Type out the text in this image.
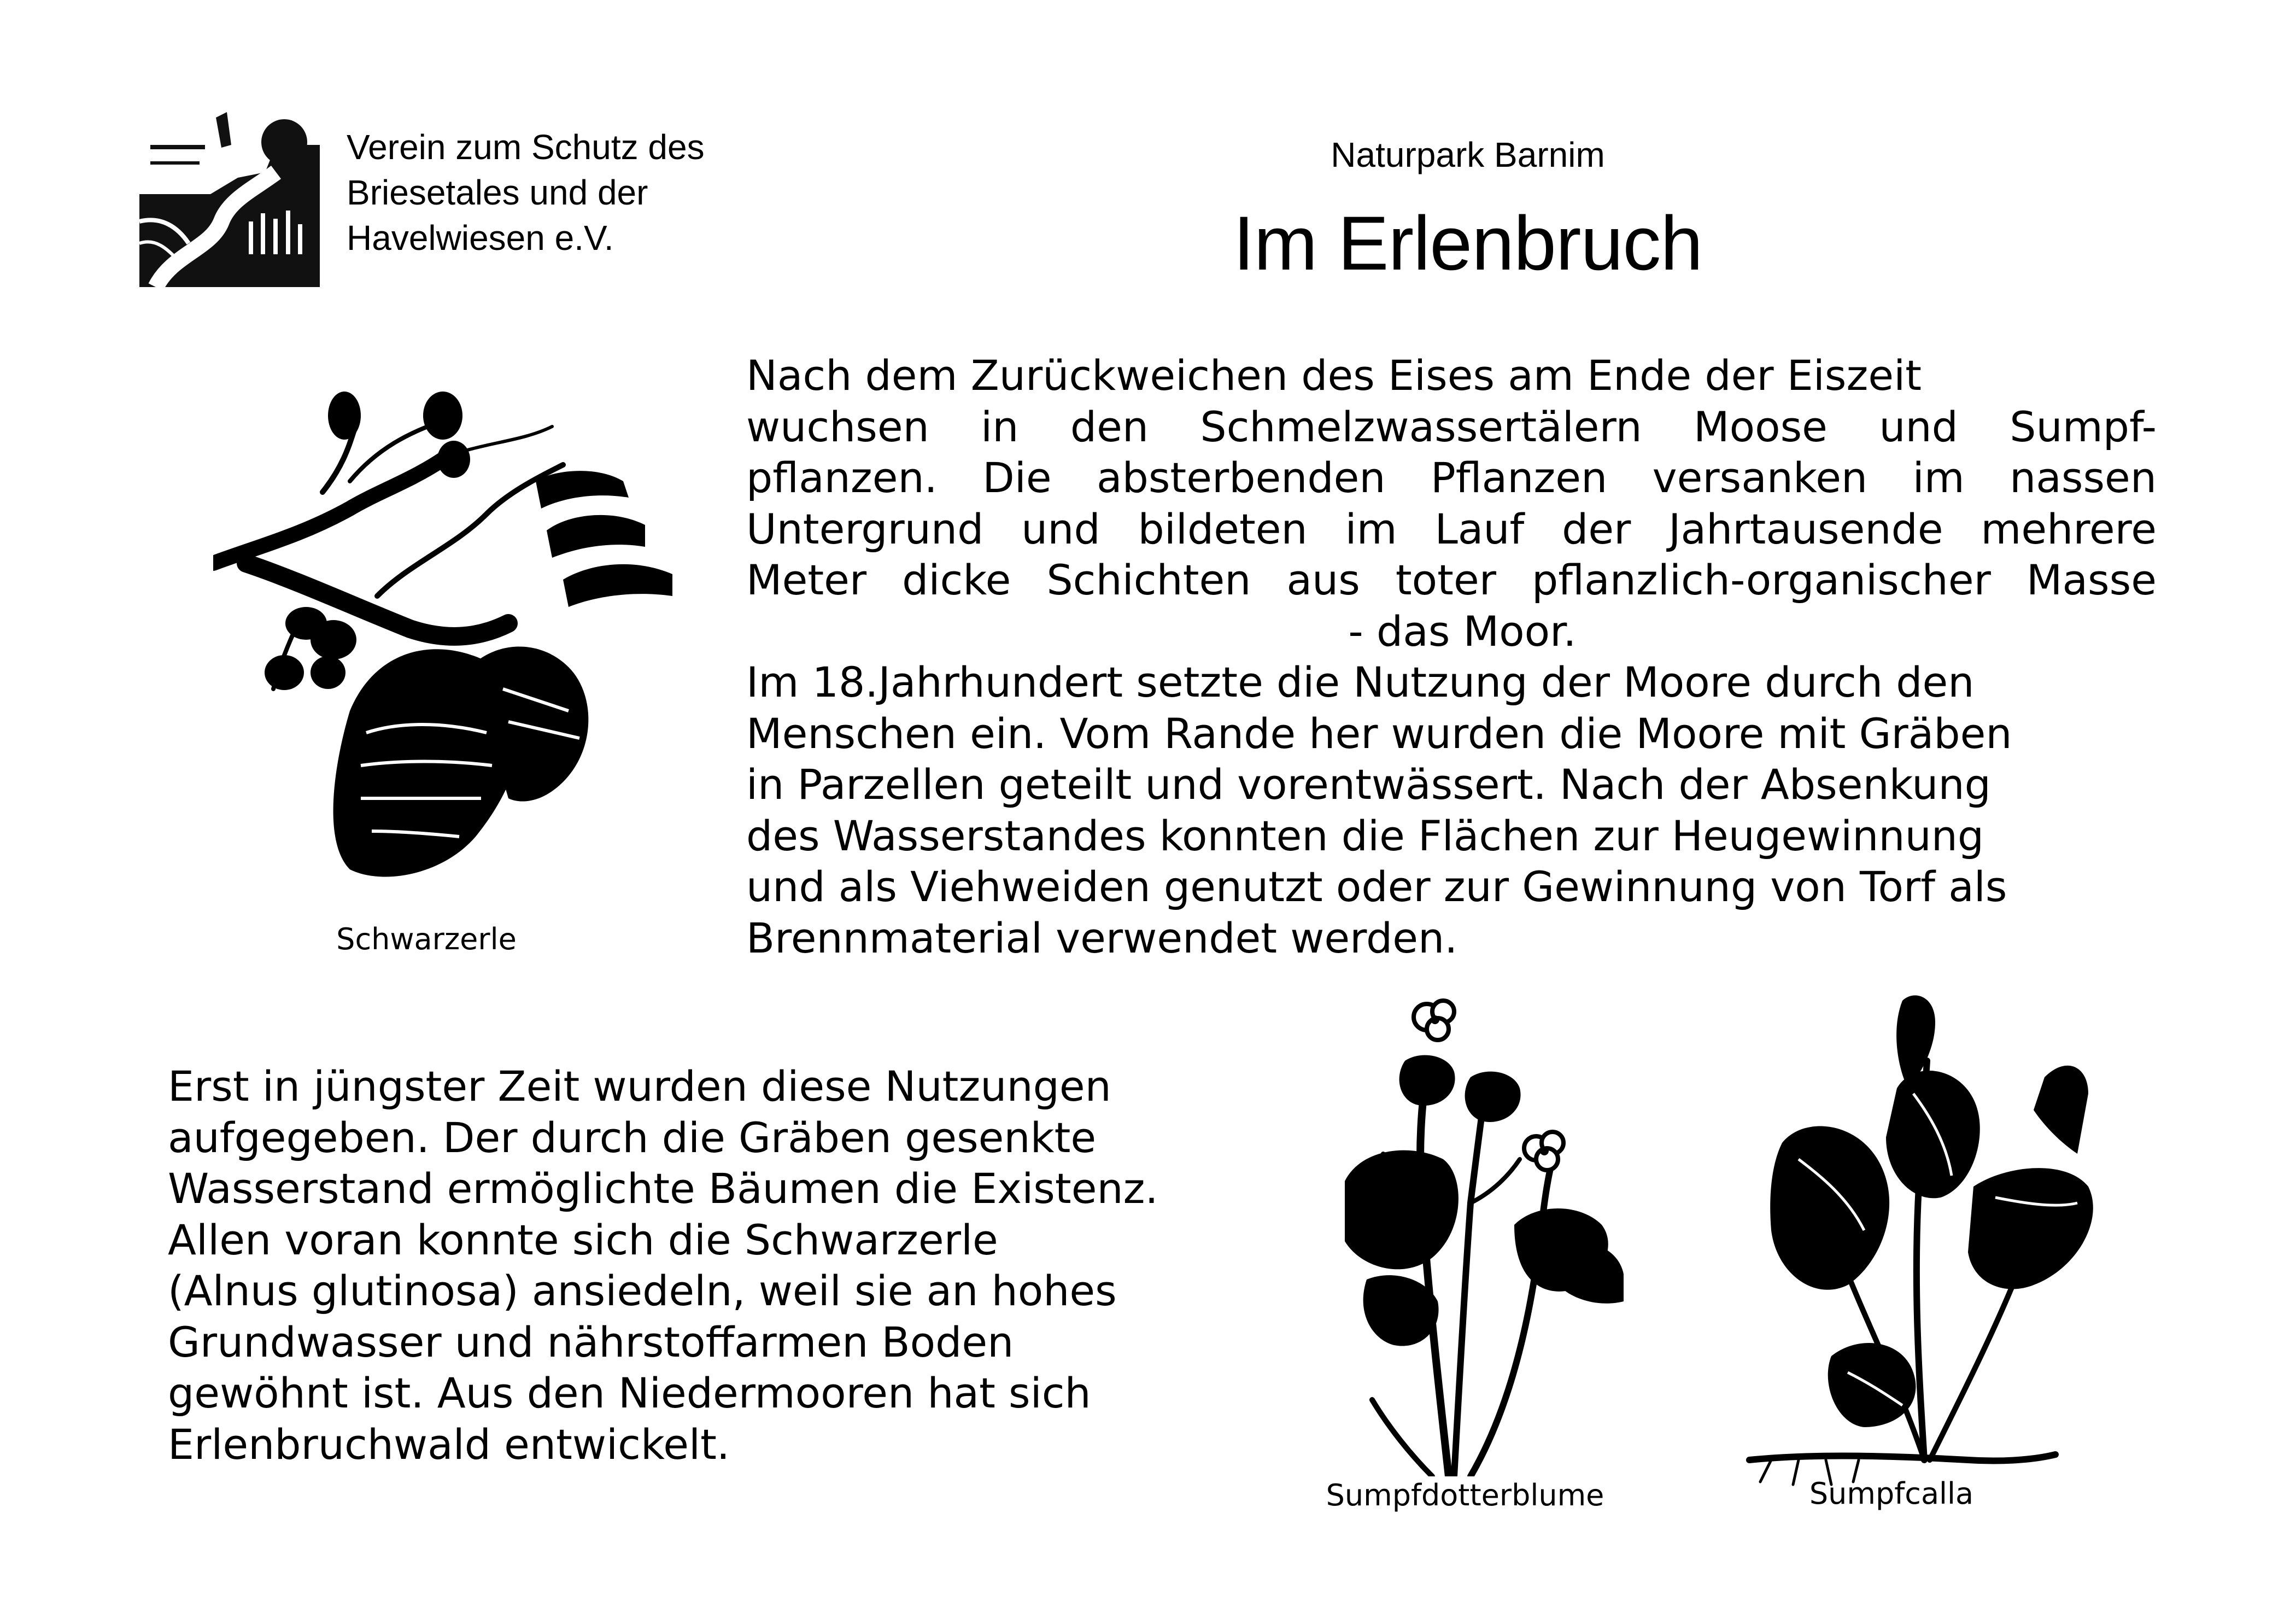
Verein zum Schutz des
Briesetales und der
Havelwiesen e.V.
Naturpark Barnim
Im Erlenbruch
Nach dem Zurückweichen des Eises am Ende der Eiszeit
wuchsen in den Schmelzwassertälern Moose und Sumpf-
pflanzen. Die absterbenden Pflanzen versanken im nassen
Untergrund und bildeten im Lauf der Jahrtausende mehrere
Meter dicke Schichten aus toter pflanzlich-organischer Masse
- das Moor.
Im 18.Jahrhundert setzte die Nutzung der Moore durch den
Menschen ein. Vom Rande her wurden die Moore mit Gräben
in Parzellen geteilt und vorentwässert. Nach der Absenkung
des Wasserstandes konnten die Flächen zur Heugewinnung
und als Viehweiden genutzt oder zur Gewinnung von Torf als
Brennmaterial verwendet werden.
Erst in jüngster Zeit wurden diese Nutzungen
aufgegeben. Der durch die Gräben gesenkte
Wasserstand ermöglichte Bäumen die Existenz.
Allen voran konnte sich die Schwarzerle
(Alnus glutinosa) ansiedeln, weil sie an hohes
Grundwasser und nährstoffarmen Boden
gewöhnt ist. Aus den Niedermooren hat sich
Erlenbruchwald entwickelt.
Schwarzerle
Sumpfdotterblume	Sumpfcalla
